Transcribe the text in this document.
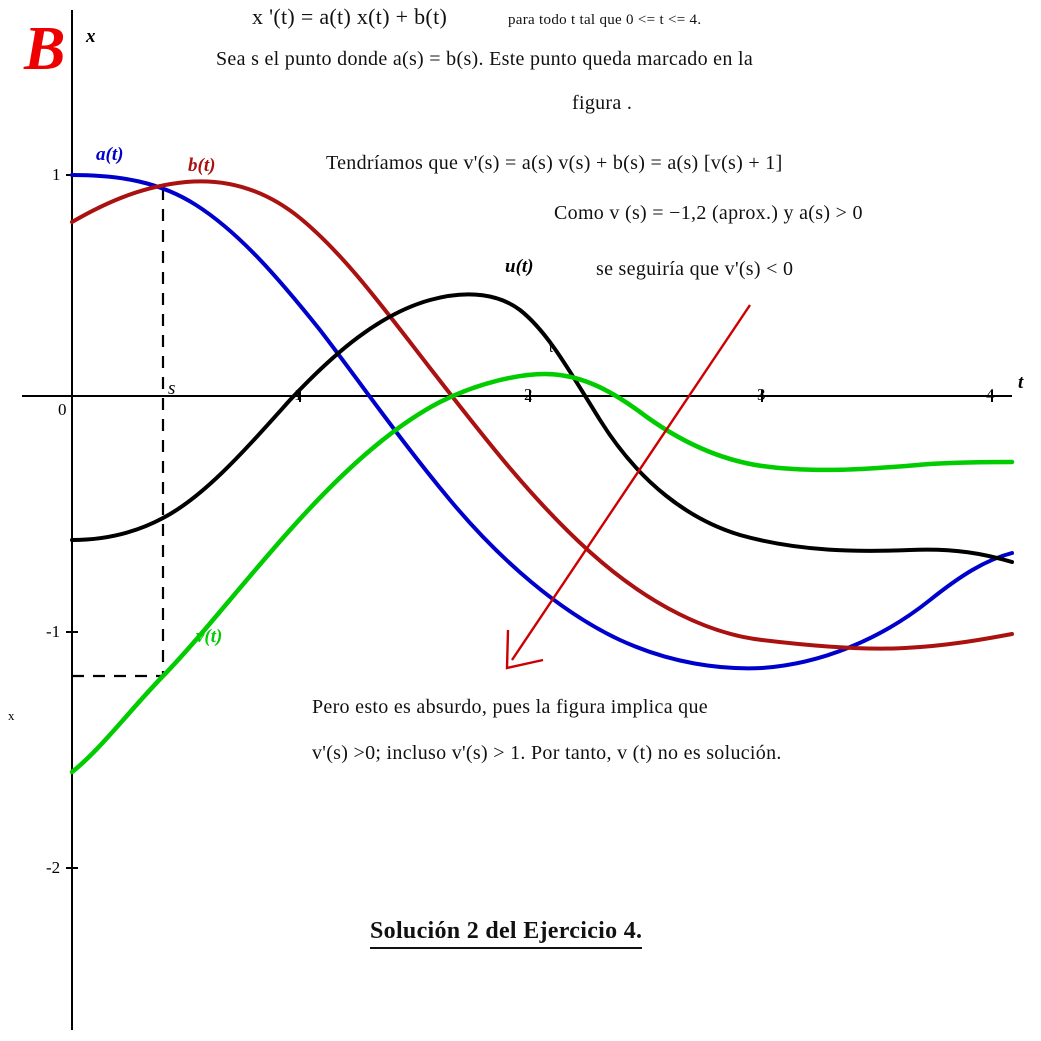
B x
t
1
-1
-2
0
1	2	3	4
s
t
x
a(t)
b(t)
u(t)
v(t)
x '(t) = a(t) x(t) + b(t)	para todo t tal que 0 <= t <= 4.
Sea s el punto donde a(s) = b(s). Este punto queda marcado en la
figura .
Tendríamos que v'(s) = a(s) v(s) + b(s) = a(s) [v(s) + 1]
Como v (s) = −1,2 (aprox.) y a(s) > 0
se seguiría que v'(s) < 0
Pero esto es absurdo, pues la figura implica que
v'(s) >0; incluso v'(s) > 1. Por tanto, v (t) no es solución.
Solución 2 del Ejercicio 4.
